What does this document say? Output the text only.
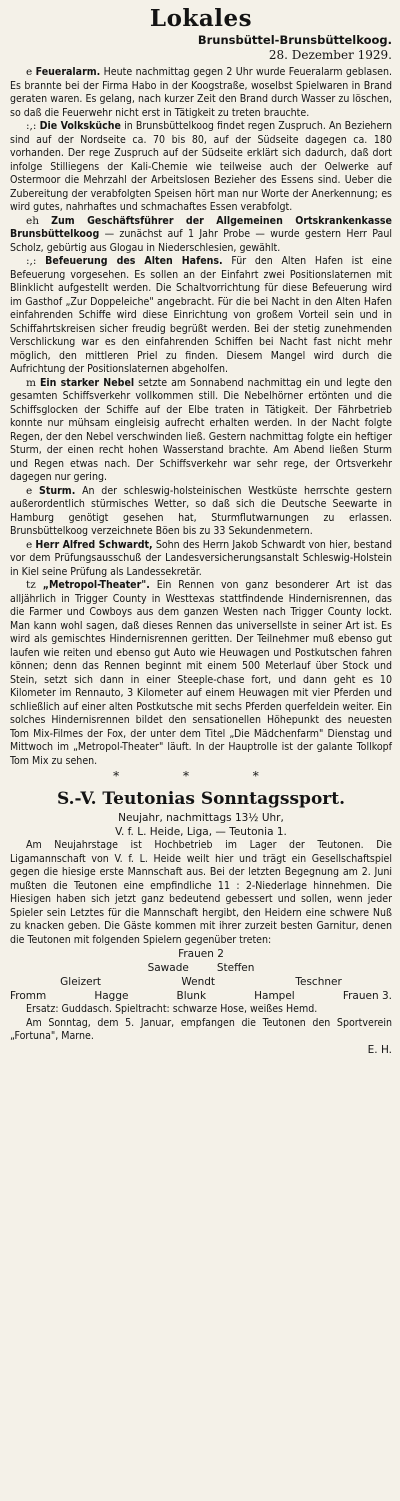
Lokales
Brunsbüttel-Brunsbüttelkoog.
28. Dezember 1929.

e Feueralarm. Heute nachmittag gegen 2 Uhr wurde Feueralarm geblasen. Es brannte bei der Firma Habo in der Koogstraße, woselbst Spielwaren in Brand geraten waren. Es gelang, nach kurzer Zeit den Brand durch Wasser zu löschen, so daß die Feuerwehr nicht erst in Tätigkeit zu treten brauchte.

:,: Die Volksküche in Brunsbüttelkoog findet regen Zuspruch. An Beziehern sind auf der Nordseite ca. 70 bis 80, auf der Südseite dagegen ca. 180 vorhanden. Der rege Zuspruch auf der Südseite erklärt sich dadurch, daß dort infolge Stilliegens der Kali-Chemie wie teilweise auch der Oelwerke auf Ostermoor die Mehrzahl der Arbeitslosen Bezieher des Essens sind. Ueber die Zubereitung der verabfolgten Speisen hört man nur Worte der Anerkennung; es wird gutes, nahrhaftes und schmachaftes Essen verabfolgt.

eh Zum Geschäftsführer der Allgemeinen Ortskrankenkasse Brunsbüttelkoog — zunächst auf 1 Jahr Probe — wurde gestern Herr Paul Scholz, gebürtig aus Glogau in Niederschlesien, gewählt.

:,: Befeuerung des Alten Hafens. Für den Alten Hafen ist eine Befeuerung vorgesehen. Es sollen an der Einfahrt zwei Positionslaternen mit Blinklicht aufgestellt werden. Die Schaltvorrichtung für diese Befeuerung wird im Gasthof „Zur Doppeleiche" angebracht. Für die bei Nacht in den Alten Hafen einfahrenden Schiffe wird diese Einrichtung von großem Vorteil sein und in Schiffahrtskreisen sicher freudig begrüßt werden. Bei der stetig zunehmenden Verschlickung war es den einfahrenden Schiffen bei Nacht fast nicht mehr möglich, den mittleren Priel zu finden. Diesem Mangel wird durch die Aufrichtung der Positionslaternen abgeholfen.

m Ein starker Nebel setzte am Sonnabend nachmittag ein und legte den gesamten Schiffsverkehr vollkommen still. Die Nebelhörner ertönten und die Schiffsglocken der Schiffe auf der Elbe traten in Tätigkeit. Der Fährbetrieb konnte nur mühsam eingleisig aufrecht erhalten werden. In der Nacht folgte Regen, der den Nebel verschwinden ließ. Gestern nachmittag folgte ein heftiger Sturm, der einen recht hohen Wasserstand brachte. Am Abend ließen Sturm und Regen etwas nach. Der Schiffsverkehr war sehr rege, der Ortsverkehr dagegen nur gering.

e Sturm. An der schleswig-holsteinischen Westküste herrschte gestern außerordentlich stürmisches Wetter, so daß sich die Deutsche Seewarte in Hamburg genötigt gesehen hat, Sturmflutwarnungen zu erlassen. Brunsbüttelkoog verzeichnete Böen bis zu 33 Sekundenmetern.

e Herr Alfred Schwardt, Sohn des Herrn Jakob Schwardt von hier, bestand vor dem Prüfungsausschuß der Landesversicherungsanstalt Schleswig-Holstein in Kiel seine Prüfung als Landessekretär.

tz „Metropol-Theater". Ein Rennen von ganz besonderer Art ist das alljährlich in Trigger County in Westtexas stattfindende Hindernisrennen, das die Farmer und Cowboys aus dem ganzen Westen nach Trigger County lockt. Man kann wohl sagen, daß dieses Rennen das universellste in seiner Art ist. Es wird als gemischtes Hindernisrennen geritten. Der Teilnehmer muß ebenso gut laufen wie reiten und ebenso gut Auto wie Heuwagen und Postkutschen fahren können; denn das Rennen beginnt mit einem 500 Meterlauf über Stock und Stein, setzt sich dann in einer Steeple-chase fort, und dann geht es 10 Kilometer im Rennauto, 3 Kilometer auf einem Heuwagen mit vier Pferden und schließlich auf einer alten Postkutsche mit sechs Pferden querfeldein weiter. Ein solches Hindernisrennen bildet den sensationellen Höhepunkt des neuesten Tom Mix-Filmes der Fox, der unter dem Titel „Die Mädchenfarm" Dienstag und Mittwoch im „Metropol-Theater" läuft. In der Hauptrolle ist der galante Tollkopf Tom Mix zu sehen.

* * *
S.-V. Teutonias Sonntagssport.
Neujahr, nachmittags 13½ Uhr,
V. f. L. Heide, Liga, — Teutonia 1.

Am Neujahrstage ist Hochbetrieb im Lager der Teutonen. Die Ligamannschaft von V. f. L. Heide weilt hier und trägt ein Gesellschaftspiel gegen die hiesige erste Mannschaft aus. Bei der letzten Begegnung am 2. Juni mußten die Teutonen eine empfindliche 11 : 2-Niederlage hinnehmen. Die Hiesigen haben sich jetzt ganz bedeutend gebessert und sollen, wenn jeder Spieler sein Letztes für die Mannschaft hergibt, den Heidern eine schwere Nuß zu knacken geben. Die Gäste kommen mit ihrer zurzeit besten Garnitur, denen die Teutonen mit folgenden Spielern gegenüber treten:

Frauen 2
Sawade	Steffen
Gleizert	Wendt	Teschner
Fromm	Hagge	Blunk	Hampel	Frauen 3.

Ersatz: Guddasch. Spieltracht: schwarze Hose, weißes Hemd.

Am Sonntag, dem 5. Januar, empfangen die Teutonen den Sportverein „Fortuna", Marne.

E. H.
